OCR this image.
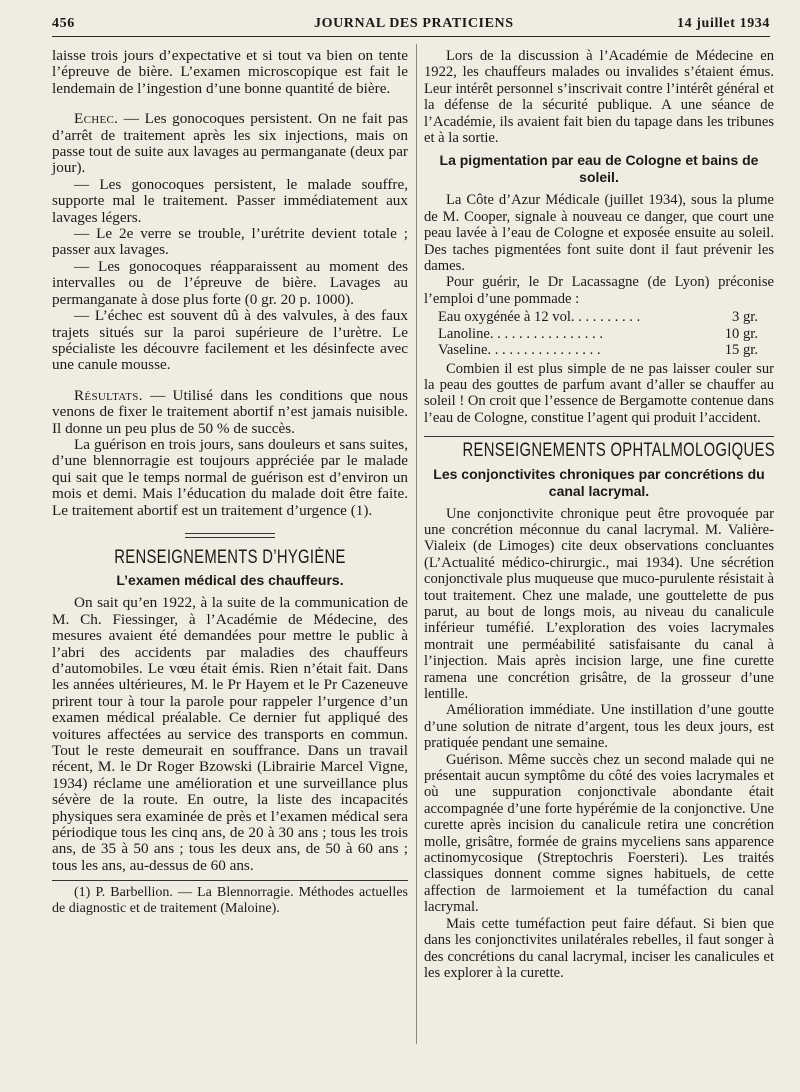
456	JOURNAL DES PRATICIENS	14 juillet 1934

laisse trois jours d’expectative et si tout va bien on tente l’épreuve de bière. L’examen microscopique est fait le lendemain de l’ingestion d’une bonne quantité de bière.

Echec. — Les gonocoques persistent. On ne fait pas d’arrêt de traitement après les six injections, mais on passe tout de suite aux lavages au permanganate (deux par jour).

— Les gonocoques persistent, le malade souffre, supporte mal le traitement. Passer immédiatement aux lavages légers.

— Le 2e verre se trouble, l’urétrite devient totale ; passer aux lavages.

— Les gonocoques réapparaissent au moment des intervalles ou de l’épreuve de bière. Lavages au permanganate à dose plus forte (0 gr. 20 p. 1000).

— L’échec est souvent dû à des valvules, à des faux trajets situés sur la paroi supérieure de l’urètre. Le spécialiste les découvre facilement et les désinfecte avec une canule mousse.

Résultats. — Utilisé dans les conditions que nous venons de fixer le traitement abortif n’est jamais nuisible. Il donne un peu plus de 50 % de succès.

La guérison en trois jours, sans douleurs et sans suites, d’une blennorragie est toujours appréciée par le malade qui sait que le temps normal de guérison est d’environ un mois et demi. Mais l’éducation du malade doit être faite. Le traitement abortif est un traitement d’urgence (1).

RENSEIGNEMENTS D’HYGIÈNE
L’examen médical des chauffeurs.

On sait qu’en 1922, à la suite de la communication de M. Ch. Fiessinger, à l’Académie de Médecine, des mesures avaient été demandées pour mettre le public à l’abri des accidents par maladies des chauffeurs d’automobiles. Le vœu était émis. Rien n’était fait. Dans les années ultérieures, M. le Pr Hayem et le Pr Cazeneuve prirent tour à tour la parole pour rappeler l’urgence d’un examen médical préalable. Ce dernier fut appliqué des voitures affectées au service des transports en commun. Tout le reste demeurait en souffrance. Dans un travail récent, M. le Dr Roger Bzowski (Librairie Marcel Vigne, 1934) réclame une amélioration et une surveillance plus sévère de la route. En outre, la liste des incapacités physiques sera examinée de près et l’examen médical sera périodique tous les cinq ans, de 20 à 30 ans ; tous les trois ans, de 35 à 50 ans ; tous les deux ans, de 50 à 60 ans ; tous les ans, au-dessus de 60 ans.

(1) P. Barbellion. — La Blennorragie. Méthodes actuelles de diagnostic et de traitement (Maloine).

Lors de la discussion à l’Académie de Médecine en 1922, les chauffeurs malades ou invalides s’étaient émus. Leur intérêt personnel s’inscrivait contre l’intérêt général et la défense de la sécurité publique. A une séance de l’Académie, ils avaient fait bien du tapage dans les tribunes et à la sortie.

La pigmentation par eau de Cologne et bains de soleil.

La Côte d’Azur Médicale (juillet 1934), sous la plume de M. Cooper, signale à nouveau ce danger, que court une peau lavée à l’eau de Cologne et exposée ensuite au soleil. Des taches pigmentées font suite dont il faut prévenir les dames.

Pour guérir, le Dr Lacassagne (de Lyon) préconise l’emploi d’une pommade :

Eau oxygénée à 12 vol. . . . . . . . . .	3 gr.
Lanoline. . . . . . . . . . . . . . . .	10 gr.
Vaseline. . . . . . . . . . . . . . . .	15 gr.

Combien il est plus simple de ne pas laisser couler sur la peau des gouttes de parfum avant d’aller se chauffer au soleil ! On croit que l’essence de Bergamotte contenue dans l’eau de Cologne, constitue l’agent qui produit l’accident.

RENSEIGNEMENTS OPHTALMOLOGIQUES
Les conjonctivites chroniques par concrétions du canal lacrymal.

Une conjonctivite chronique peut être provoquée par une concrétion méconnue du canal lacrymal. M. Valière-Vialeix (de Limoges) cite deux observations concluantes (L’Actualité médico-chirurgic., mai 1934). Une sécrétion conjonctivale plus muqueuse que muco-purulente résistait à tout traitement. Chez une malade, une gouttelette de pus parut, au bout de longs mois, au niveau du canalicule inférieur tuméfié. L’exploration des voies lacrymales montrait une perméabilité satisfaisante du canal à l’injection. Mais après incision large, une fine curette ramena une concrétion grisâtre, de la grosseur d’une lentille.

Amélioration immédiate. Une instillation d’une goutte d’une solution de nitrate d’argent, tous les deux jours, est pratiquée pendant une semaine.

Guérison. Même succès chez un second malade qui ne présentait aucun symptôme du côté des voies lacrymales et où une suppuration conjonctivale abondante était accompagnée d’une forte hypérémie de la conjonctive. Une curette après incision du canalicule retira une concrétion molle, grisâtre, formée de grains myceliens sans apparence actinomycosique (Streptochris Foersteri). Les traités classiques donnent comme signes habituels, de cette affection de larmoiement et la tuméfaction du canal lacrymal.

Mais cette tuméfaction peut faire défaut. Si bien que dans les conjonctivites unilatérales rebelles, il faut songer à des concrétions du canal lacrymal, inciser les canalicules et les explorer à la curette.
